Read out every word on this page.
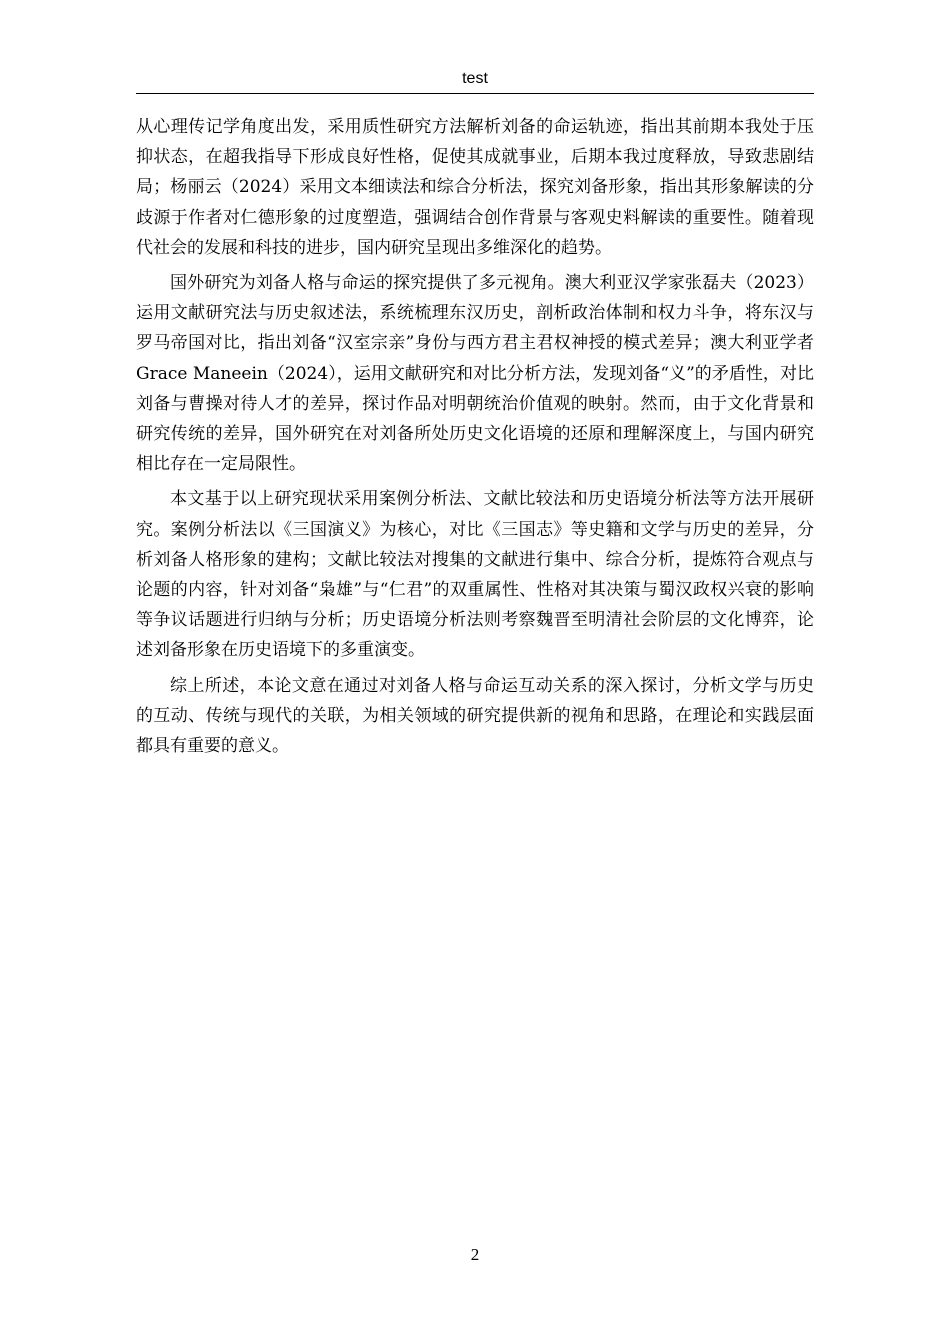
test

从心理传记学角度出发，采用质性研究方法解析刘备的命运轨迹，指出其前期本我处于压抑状态，在超我指导下形成良好性格，促使其成就事业，后期本我过度释放，导致悲剧结局；杨丽云（2024）采用文本细读法和综合分析法，探究刘备形象，指出其形象解读的分歧源于作者对仁德形象的过度塑造，强调结合创作背景与客观史料解读的重要性。随着现代社会的发展和科技的进步，国内研究呈现出多维深化的趋势。

国外研究为刘备人格与命运的探究提供了多元视角。澳大利亚汉学家张磊夫（2023）运用文献研究法与历史叙述法，系统梳理东汉历史，剖析政治体制和权力斗争，将东汉与罗马帝国对比，指出刘备“汉室宗亲”身份与西方君主君权神授的模式差异；澳大利亚学者 Grace Maneein（2024），运用文献研究和对比分析方法，发现刘备“义”的矛盾性，对比刘备与曹操对待人才的差异，探讨作品对明朝统治价值观的映射。然而，由于文化背景和研究传统的差异，国外研究在对刘备所处历史文化语境的还原和理解深度上，与国内研究相比存在一定局限性。

本文基于以上研究现状采用案例分析法、文献比较法和历史语境分析法等方法开展研究。案例分析法以《三国演义》为核心，对比《三国志》等史籍和文学与历史的差异，分析刘备人格形象的建构；文献比较法对搜集的文献进行集中、综合分析，提炼符合观点与论题的内容，针对刘备“枭雄”与“仁君”的双重属性、性格对其决策与蜀汉政权兴衰的影响等争议话题进行归纳与分析；历史语境分析法则考察魏晋至明清社会阶层的文化博弈，论述刘备形象在历史语境下的多重演变。

综上所述，本论文意在通过对刘备人格与命运互动关系的深入探讨，分析文学与历史的互动、传统与现代的关联，为相关领域的研究提供新的视角和思路，在理论和实践层面都具有重要的意义。

2
